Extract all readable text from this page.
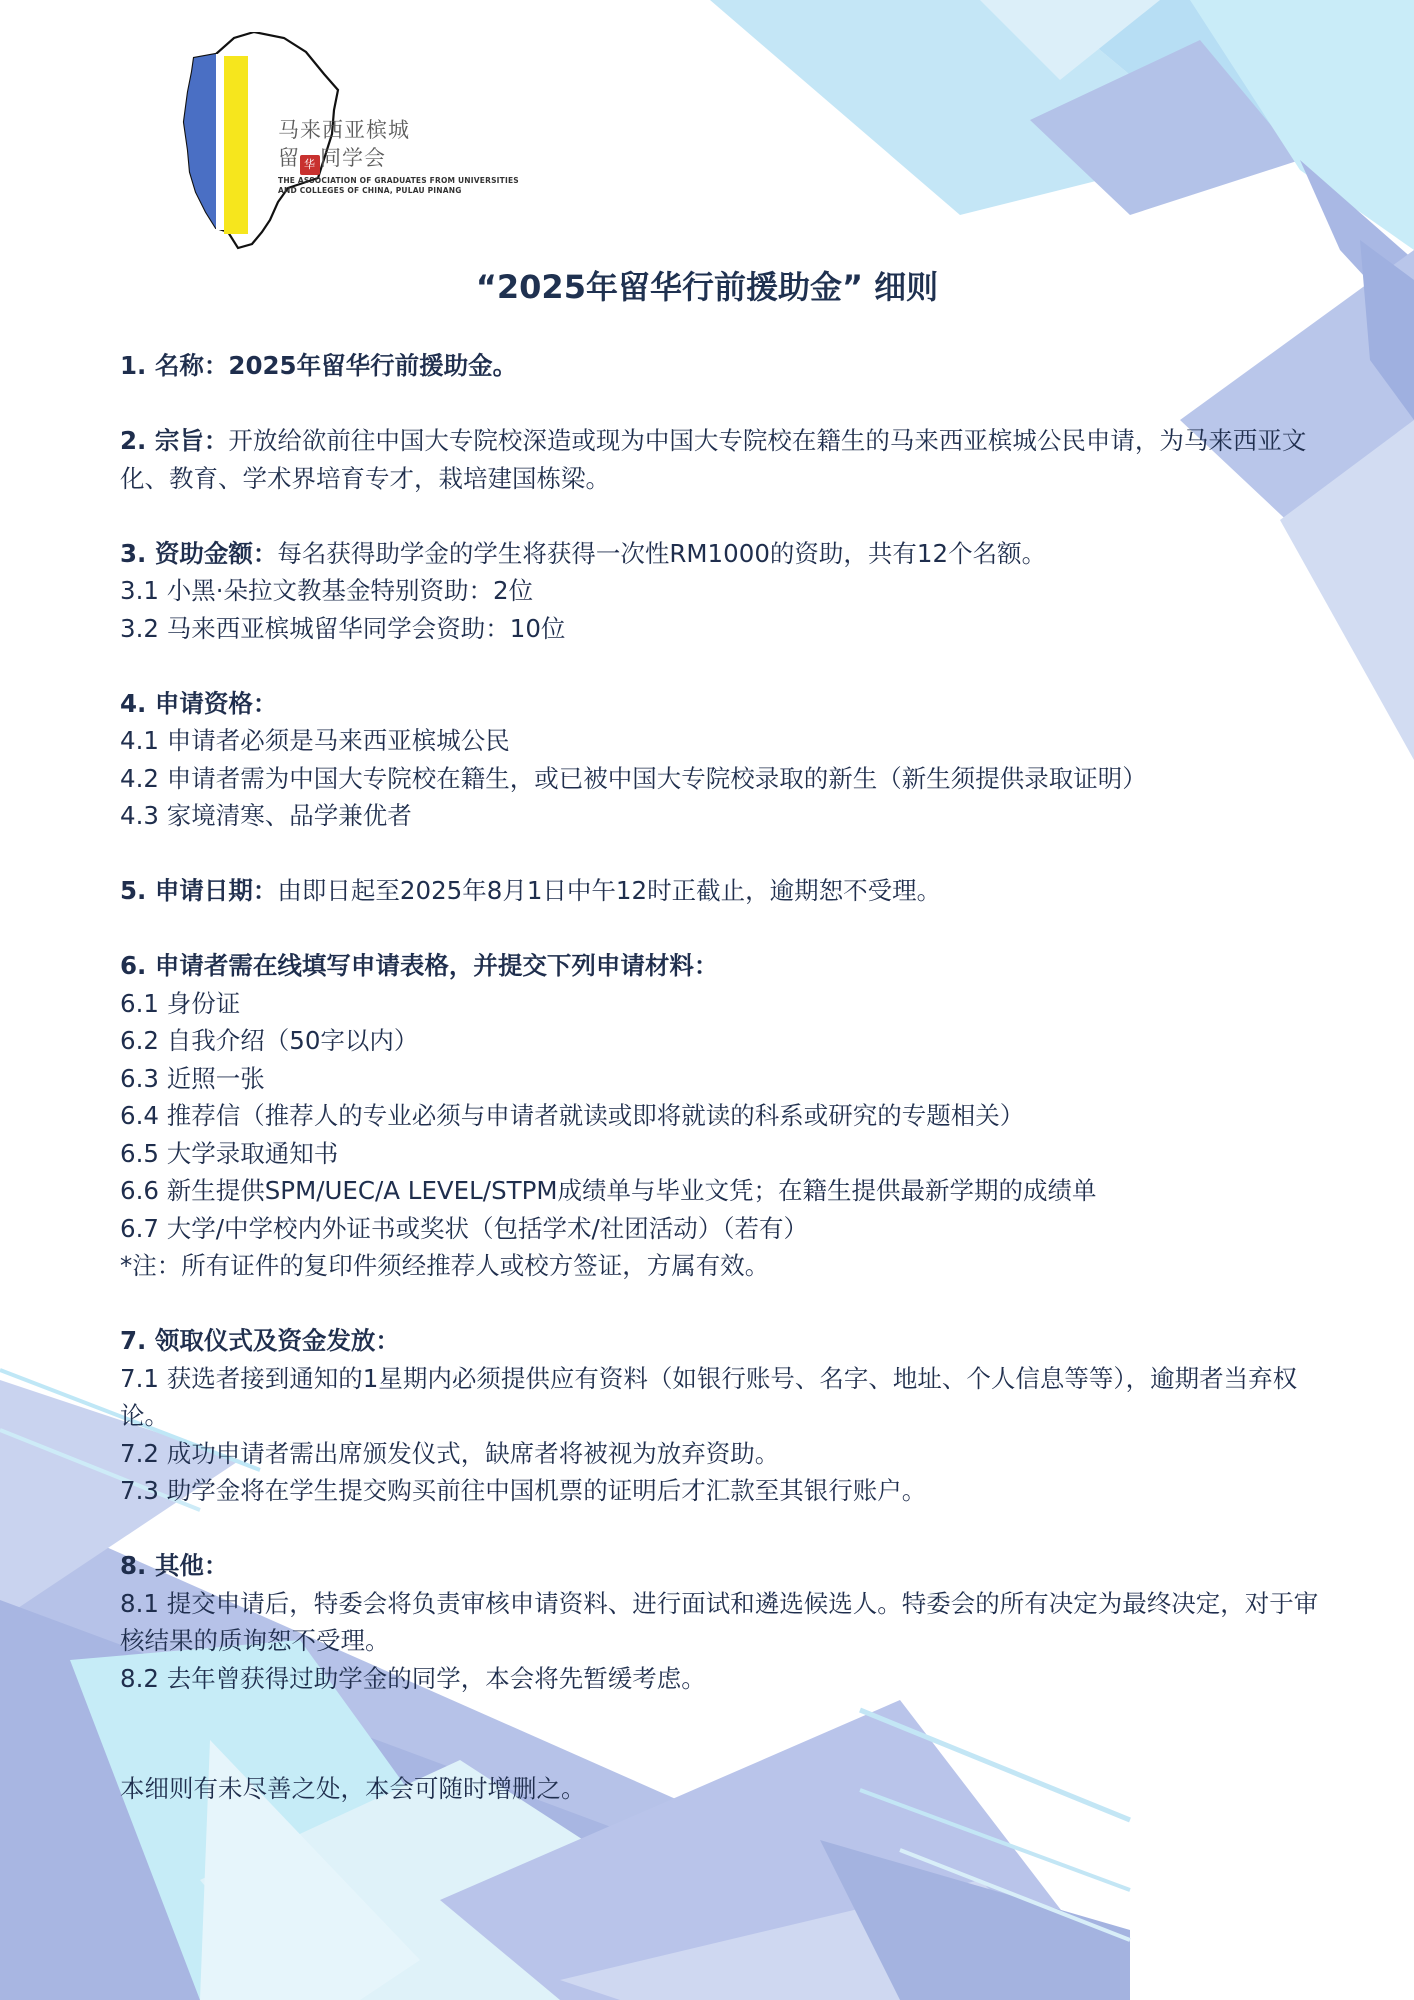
马来西亚槟城
留 华 同学会
THE ASSOCIATION OF GRADUATES FROM UNIVERSITIES
AND COLLEGES OF CHINA, PULAU PINANG
“2025年留华行前援助金” 细则

1. 名称：2025年留华行前援助金。

2. 宗旨：开放给欲前往中国大专院校深造或现为中国大专院校在籍生的马来西亚槟城公民申请，为马来西亚文化、教育、学术界培育专才，栽培建国栋梁。

3. 资助金额：每名获得助学金的学生将获得一次性RM1000的资助，共有12个名额。

3.1 小黑·朵拉文教基金特别资助：2位

3.2 马来西亚槟城留华同学会资助：10位

4. 申请资格：

4.1 申请者必须是马来西亚槟城公民

4.2 申请者需为中国大专院校在籍生，或已被中国大专院校录取的新生（新生须提供录取证明）

4.3 家境清寒、品学兼优者

5. 申请日期：由即日起至2025年8月1日中午12时正截止，逾期恕不受理。

6. 申请者需在线填写申请表格，并提交下列申请材料：

6.1 身份证

6.2 自我介绍（50字以内）

6.3 近照一张

6.4 推荐信（推荐人的专业必须与申请者就读或即将就读的科系或研究的专题相关）

6.5 大学录取通知书

6.6 新生提供SPM/UEC/A LEVEL/STPM成绩单与毕业文凭；在籍生提供最新学期的成绩单

6.7 大学/中学校内外证书或奖状（包括学术/社团活动）（若有）

*注：所有证件的复印件须经推荐人或校方签证，方属有效。

7. 领取仪式及资金发放：

7.1 获选者接到通知的1星期内必须提供应有资料（如银行账号、名字、地址、个人信息等等），逾期者当弃权论。

7.2 成功申请者需出席颁发仪式，缺席者将被视为放弃资助。

7.3 助学金将在学生提交购买前往中国机票的证明后才汇款至其银行账户。

8. 其他：

8.1 提交申请后，特委会将负责审核申请资料、进行面试和遴选候选人。特委会的所有决定为最终决定，对于审核结果的质询恕不受理。

8.2 去年曾获得过助学金的同学，本会将先暂缓考虑。

本细则有未尽善之处，本会可随时增删之。
